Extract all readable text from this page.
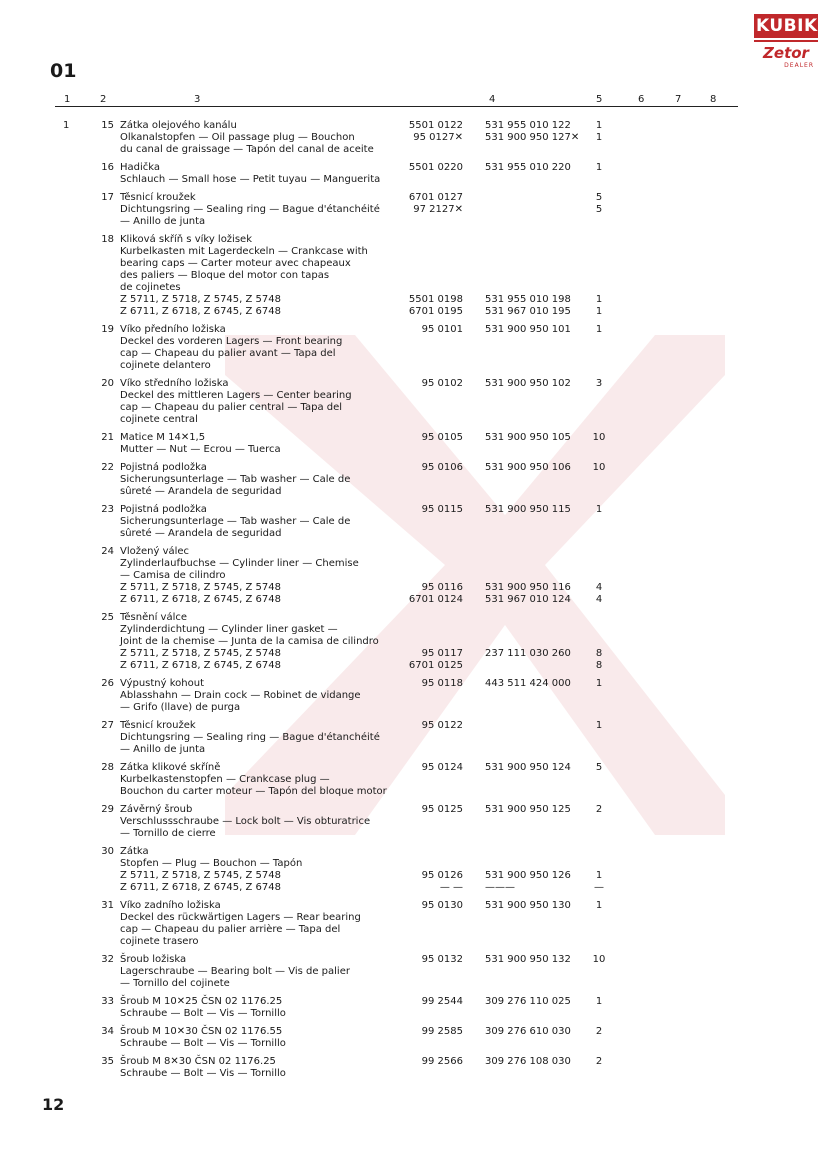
KUBIK
Zetor
DEALER
01
1	2	3	4	5	6	7	8
1	15 Zátka olejového kanálu	5501 0122 531 955 010 122	1
Olkanalstopfen — Oil passage plug — Bouchon	95 0127✕ 531 900 950 127✕	1
du canal de graissage — Tapón del canal de aceite
16 Hadička	5501 0220 531 955 010 220	1
Schlauch — Small hose — Petit tuyau — Manguerita
17 Těsnicí kroužek	6701 0127	5
Dichtungsring — Sealing ring — Bague d'étanchéité	97 2127✕	5
— Anillo de junta
18 Kliková skříň s víky ložisek
Kurbelkasten mit Lagerdeckeln — Crankcase with
bearing caps — Carter moteur avec chapeaux
des paliers — Bloque del motor con tapas
de cojinetes
Z 5711, Z 5718, Z 5745, Z 5748	5501 0198 531 955 010 198	1
Z 6711, Z 6718, Z 6745, Z 6748	6701 0195 531 967 010 195	1
19 Víko předního ložiska	95 0101 531 900 950 101	1
Deckel des vorderen Lagers — Front bearing
cap — Chapeau du palier avant — Tapa del
cojinete delantero
20 Víko středního ložiska	95 0102 531 900 950 102	3
Deckel des mittleren Lagers — Center bearing
cap — Chapeau du palier central — Tapa del
cojinete central
21 Matice M 14✕1,5	95 0105 531 900 950 105	10
Mutter — Nut — Ecrou — Tuerca
22 Pojistná podložka	95 0106 531 900 950 106	10
Sicherungsunterlage — Tab washer — Cale de
sûreté — Arandela de seguridad
23 Pojistná podložka	95 0115 531 900 950 115	1
Sicherungsunterlage — Tab washer — Cale de
sûreté — Arandela de seguridad
24 Vložený válec
Zylinderlaufbuchse — Cylinder liner — Chemise
— Camisa de cilindro
Z 5711, Z 5718, Z 5745, Z 5748	95 0116 531 900 950 116	4
Z 6711, Z 6718, Z 6745, Z 6748	6701 0124 531 967 010 124	4
25 Těsnění válce
Zylinderdichtung — Cylinder liner gasket —
Joint de la chemise — Junta de la camisa de cilindro
Z 5711, Z 5718, Z 5745, Z 5748	95 0117 237 111 030 260	8
Z 6711, Z 6718, Z 6745, Z 6748	6701 0125	8
26 Výpustný kohout	95 0118 443 511 424 000	1
Ablasshahn — Drain cock — Robinet de vidange
— Grifo (llave) de purga
27 Těsnicí kroužek	95 0122	1
Dichtungsring — Sealing ring — Bague d'étanchéité
— Anillo de junta
28 Zátka klikové skříně	95 0124 531 900 950 124	5
Kurbelkastenstopfen — Crankcase plug —
Bouchon du carter moteur — Tapón del bloque motor
29 Závěrný šroub	95 0125 531 900 950 125	2
Verschlussschraube — Lock bolt — Vis obturatrice
— Tornillo de cierre
30 Zátka
Stopfen — Plug — Bouchon — Tapón
Z 5711, Z 5718, Z 5745, Z 5748	95 0126 531 900 950 126	1
Z 6711, Z 6718, Z 6745, Z 6748	— — ———	—
31 Víko zadního ložiska	95 0130 531 900 950 130	1
Deckel des rückwärtigen Lagers — Rear bearing
cap — Chapeau du palier arrière — Tapa del
cojinete trasero
32 Šroub ložiska	95 0132 531 900 950 132	10
Lagerschraube — Bearing bolt — Vis de palier
— Tornillo del cojinete
33 Šroub M 10✕25 ČSN 02 1176.25	99 2544 309 276 110 025	1
Schraube — Bolt — Vis — Tornillo
34 Šroub M 10✕30 ČSN 02 1176.55	99 2585 309 276 610 030	2
Schraube — Bolt — Vis — Tornillo
35 Šroub M 8✕30 ČSN 02 1176.25	99 2566 309 276 108 030	2
Schraube — Bolt — Vis — Tornillo
12
